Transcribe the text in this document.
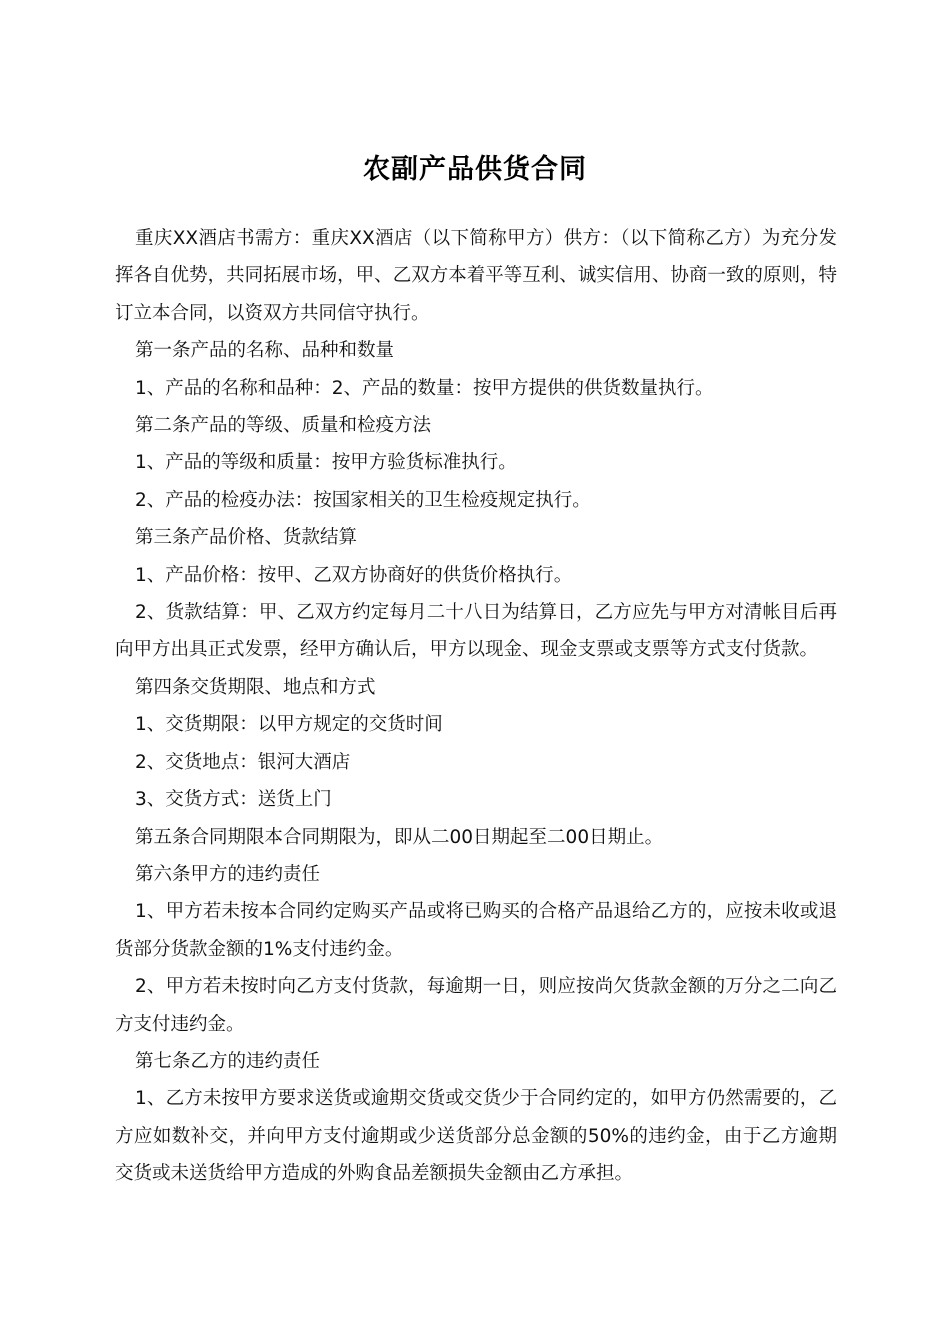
农副产品供货合同

重庆XX酒店书需方：重庆XX酒店（以下简称甲方）供方：（以下简称乙方）为充分发挥各自优势，共同拓展市场，甲、乙双方本着平等互利、诚实信用、协商一致的原则，特订立本合同，以资双方共同信守执行。

第一条产品的名称、品种和数量

1、产品的名称和品种：2、产品的数量：按甲方提供的供货数量执行。

第二条产品的等级、质量和检疫方法

1、产品的等级和质量：按甲方验货标准执行。

2、产品的检疫办法：按国家相关的卫生检疫规定执行。

第三条产品价格、货款结算

1、产品价格：按甲、乙双方协商好的供货价格执行。

2、货款结算：甲、乙双方约定每月二十八日为结算日，乙方应先与甲方对清帐目后再向甲方出具正式发票，经甲方确认后，甲方以现金、现金支票或支票等方式支付货款。

第四条交货期限、地点和方式

1、交货期限：以甲方规定的交货时间

2、交货地点：银河大酒店

3、交货方式：送货上门

第五条合同期限本合同期限为，即从二00日期起至二00日期止。

第六条甲方的违约责任

1、甲方若未按本合同约定购买产品或将已购买的合格产品退给乙方的，应按未收或退货部分货款金额的1%支付违约金。

2、甲方若未按时向乙方支付货款，每逾期一日，则应按尚欠货款金额的万分之二向乙方支付违约金。

第七条乙方的违约责任

1、乙方未按甲方要求送货或逾期交货或交货少于合同约定的，如甲方仍然需要的，乙方应如数补交，并向甲方支付逾期或少送货部分总金额的50%的违约金，由于乙方逾期交货或未送货给甲方造成的外购食品差额损失金额由乙方承担。
